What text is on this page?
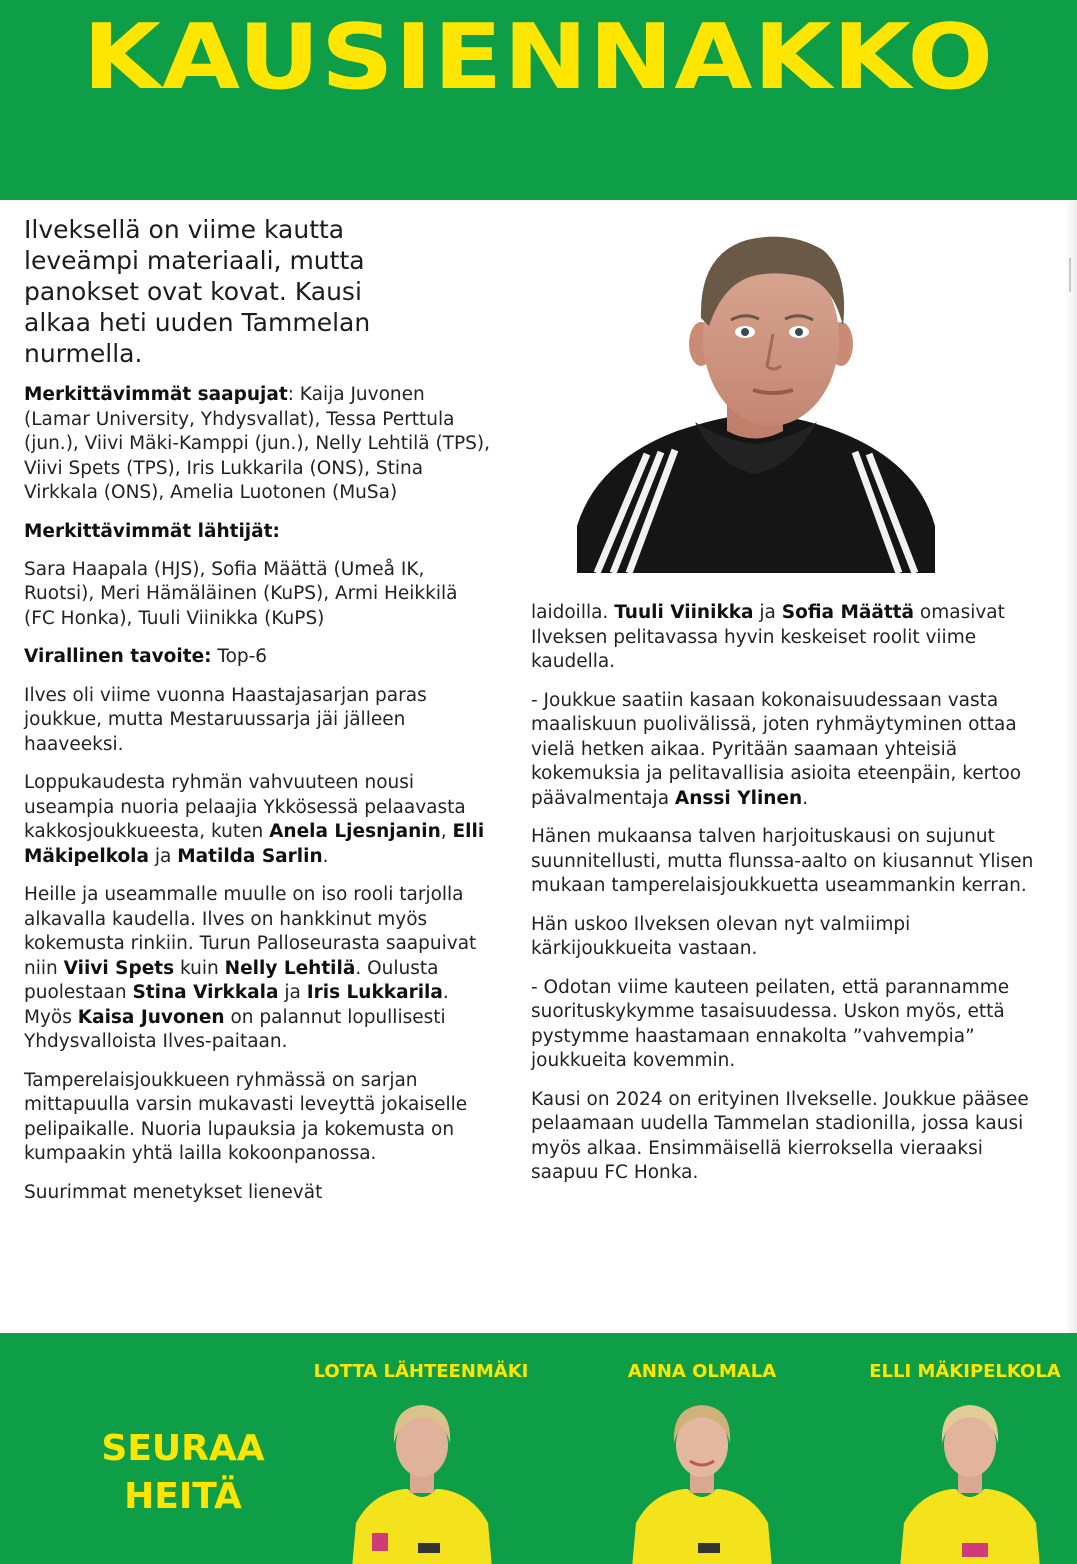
KAUSIENNAKKO

Ilveksellä on viime kautta leveämpi materiaali, mutta panokset ovat kovat. Kausi alkaa heti uuden Tammelan nurmella.

Merkittävimmät saapujat: Kaija Juvonen (Lamar University, Yhdysvallat), Tessa Perttula (jun.), Viivi Mäki-Kamppi (jun.), Nelly Lehtilä (TPS), Viivi Spets (TPS), Iris Lukkarila (ONS), Stina Virkkala (ONS), Amelia Luotonen (MuSa)

Merkittävimmät lähtijät:

Sara Haapala (HJS), Sofia Määttä (Umeå IK, Ruotsi), Meri Hämäläinen (KuPS), Armi Heikkilä (FC Honka), Tuuli Viinikka (KuPS)

Virallinen tavoite: Top-6

Ilves oli viime vuonna Haastajasarjan paras joukkue, mutta Mestaruussarja jäi jälleen haaveeksi.

Loppukaudesta ryhmän vahvuuteen nousi useampia nuoria pelaajia Ykkösessä pelaavasta kakkosjoukkueesta, kuten Anela Ljesnjanin, Elli Mäkipelkola ja Matilda Sarlin.

Heille ja useammalle muulle on iso rooli tarjolla alkavalla kaudella. Ilves on hankkinut myös kokemusta rinkiin. Turun Palloseurasta saapuivat niin Viivi Spets kuin Nelly Lehtilä. Oulusta puolestaan Stina Virkkala ja Iris Lukkarila. Myös Kaisa Juvonen on palannut lopullisesti Yhdysvalloista Ilves-paitaan.

Tamperelaisjoukkueen ryhmässä on sarjan mittapuulla varsin mukavasti leveyttä jokaiselle pelipaikalle. Nuoria lupauksia ja kokemusta on kumpaakin yhtä lailla kokoonpanossa.

Suurimmat menetykset lienevät

laidoilla. Tuuli Viinikka ja Sofia Määttä omasivat Ilveksen pelitavassa hyvin keskeiset roolit viime kaudella.

- Joukkue saatiin kasaan kokonaisuudessaan vasta maaliskuun puolivälissä, joten ryhmäytyminen ottaa vielä hetken aikaa. Pyritään saamaan yhteisiä kokemuksia ja pelitavallisia asioita eteenpäin, kertoo päävalmentaja Anssi Ylinen.

Hänen mukaansa talven harjoituskausi on sujunut suunnitellusti, mutta flunssa-aalto on kiusannut Ylisen mukaan tamperelaisjoukkuetta useammankin kerran.

Hän uskoo Ilveksen olevan nyt valmiimpi kärkijoukkueita vastaan.

- Odotan viime kauteen peilaten, että parannamme suorituskykymme tasaisuudessa. Uskon myös, että pystymme haastamaan ennakolta ”vahvempia” joukkueita kovemmin.

Kausi on 2024 on erityinen Ilvekselle. Joukkue pääsee pelaamaan uudella Tammelan stadionilla, jossa kausi myös alkaa. Ensimmäisellä kierroksella vieraaksi saapuu FC Honka.

SEURAA
HEITÄ
LOTTA LÄHTEENMÄKI	ANNA OLMALA	ELLI MÄKIPELKOLA
